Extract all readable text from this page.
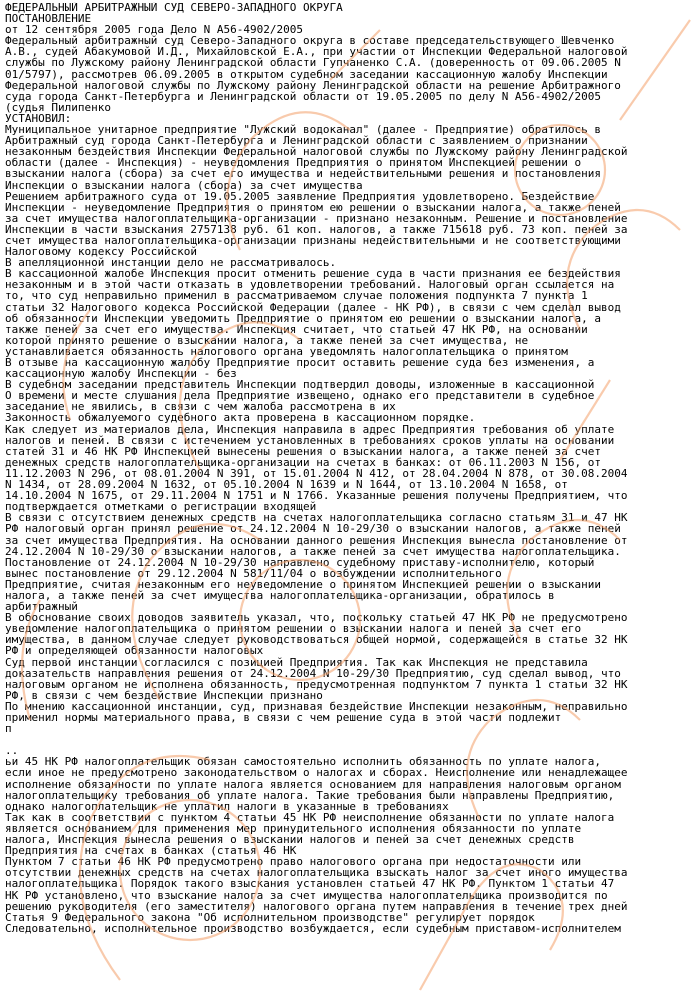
ФЕДЕРАЛЬНЫЙ АРБИТРАЖНЫЙ СУД СЕВЕРО-ЗАПАДНОГО ОКРУГА
ПОСТАНОВЛЕНИЕ
от 12 сентября 2005 года Дело N А56-4902/2005
Федеральный арбитражный суд Северо-Западного округа в составе председательствующего Шевченко
А.В., судей Абакумовой И.Д., Михайловской Е.А., при участии от Инспекции Федеральной налоговой
службы по Лужскому району Ленинградской области Гупчаненко С.А. (доверенность от 09.06.2005 N
01/5797), рассмотрев 06.09.2005 в открытом судебном заседании кассационную жалобу Инспекции
Федеральной налоговой службы по Лужскому району Ленинградской области на решение Арбитражного
суда города Санкт-Петербурга и Ленинградской области от 19.05.2005 по делу N А56-4902/2005
(судья Пилипенко
УСТАНОВИЛ:
Муниципальное унитарное предприятие "Лужский водоканал" (далее - Предприятие) обратилось в
Арбитражный суд города Санкт-Петербурга и Ленинградской области с заявлением о признании
незаконным бездействия Инспекции Федеральной налоговой службы по Лужскому району Ленинградской
области (далее - Инспекция) - неуведомления Предприятия о принятом Инспекцией решении о
взыскании налога (сбора) за счет его имущества и недействительными решения и постановления
Инспекции о взыскании налога (сбора) за счет имущества
Решением арбитражного суда от 19.05.2005 заявление Предприятия удовлетворено. Бездействие
Инспекции - неуведомление Предприятия о принятом ею решении о взыскании налога, а также пеней
за счет имущества налогоплательщика-организации - признано незаконным. Решение и постановление
Инспекции в части взыскания 2757138 руб. 61 коп. налогов, а также 715618 руб. 73 коп. пеней за
счет имущества налогоплательщика-организации признаны недействительными и не соответствующими
Налоговому кодексу Российской
В апелляционной инстанции дело не рассматривалось.
В кассационной жалобе Инспекция просит отменить решение суда в части признания ее бездействия
незаконным и в этой части отказать в удовлетворении требований. Налоговый орган ссылается на
то, что суд неправильно применил в рассматриваемом случае положения подпункта 7 пункта 1
статьи 32 Налогового кодекса Российской Федерации (далее - НК РФ), в связи с чем сделал вывод
об обязанности Инспекции уведомить Предприятие о принятом ею решении о взыскании налога, а
также пеней за счет его имущества. Инспекция считает, что статьей 47 НК РФ, на основании
которой принято решение о взыскании налога, а также пеней за счет имущества, не
устанавливается обязанность налогового органа уведомлять налогоплательщика о принятом
В отзыве на кассационную жалобу Предприятие просит оставить решение суда без изменения, а
кассационную жалобу Инспекции - без
В судебном заседании представитель Инспекции подтвердил доводы, изложенные в кассационной
О времени и месте слушания дела Предприятие извещено, однако его представители в судебное
заседание не явились, в связи с чем жалоба рассмотрена в их
Законность обжалуемого судебного акта проверена в кассационном порядке.
Как следует из материалов дела, Инспекция направила в адрес Предприятия требования об уплате
налогов и пеней. В связи с истечением установленных в требованиях сроков уплаты на основании
статей 31 и 46 НК РФ Инспекцией вынесены решения о взыскании налога, а также пеней за счет
денежных средств налогоплательщика-организации на счетах в банках: от 06.11.2003 N 156, от
11.12.2003 N 296, от 08.01.2004 N 391, от 15.01.2004 N 412, от 28.04.2004 N 878, от 30.08.2004
N 1434, от 28.09.2004 N 1632, от 05.10.2004 N 1639 и N 1644, от 13.10.2004 N 1658, от
14.10.2004 N 1675, от 29.11.2004 N 1751 и N 1766. Указанные решения получены Предприятием, что
подтверждается отметками о регистрации входящей
В связи с отсутствием денежных средств на счетах налогоплательщика согласно статьям 31 и 47 НК
РФ налоговый орган принял решение от 24.12.2004 N 10-29/30 о взыскании налогов, а также пеней
за счет имущества Предприятия. На основании данного решения Инспекция вынесла постановление от
24.12.2004 N 10-29/30 о взыскании налогов, а также пеней за счет имущества налогоплательщика.
Постановление от 24.12.2004 N 10-29/30 направлено судебному приставу-исполнителю, который
вынес постановление от 29.12.2004 N 581/11/04 о возбуждении исполнительного
Предприятие, считая незаконным его неуведомление о принятом Инспекцией решении о взыскании
налога, а также пеней за счет имущества налогоплательщика-организации, обратилось в
арбитражный
В обоснование своих доводов заявитель указал, что, поскольку статьей 47 НК РФ не предусмотрено
уведомление налогоплательщика о принятом решении о взыскании налога и пеней за счет его
имущества, в данном случае следует руководствоваться общей нормой, содержащейся в статье 32 НК
РФ и определяющей обязанности налоговых
Суд первой инстанции согласился с позицией Предприятия. Так как Инспекция не представила
доказательств направления решения от 24.12.2004 N 10-29/30 Предприятию, суд сделал вывод, что
налоговым органом не исполнена обязанность, предусмотренная подпунктом 7 пункта 1 статьи 32 НК
РФ, в связи с чем бездействие Инспекции признано
По мнению кассационной инстанции, суд, признавая бездействие Инспекции незаконным, неправильно
применил нормы материального права, в связи с чем решение суда в этой части подлежит
п

..
ьи 45 НК РФ налогоплательщик обязан самостоятельно исполнить обязанность по уплате налога,
если иное не предусмотрено законодательством о налогах и сборах. Неисполнение или ненадлежащее
исполнение обязанности по уплате налога является основанием для направления налоговым органом
налогоплательщику требования об уплате налога. Такие требования были направлены Предприятию,
однако налогоплательщик не уплатил налоги в указанные в требованиях
Так как в соответствии с пунктом 4 статьи 45 НК РФ неисполнение обязанности по уплате налога
является основанием для применения мер принудительного исполнения обязанности по уплате
налога, Инспекция вынесла решения о взыскании налогов и пеней за счет денежных средств
Предприятия на счетах в банках (статья 46 НК
Пунктом 7 статьи 46 НК РФ предусмотрено право налогового органа при недостаточности или
отсутствии денежных средств на счетах налогоплательщика взыскать налог за счет иного имущества
налогоплательщика. Порядок такого взыскания установлен статьей 47 НК РФ. Пунктом 1 статьи 47
НК РФ установлено, что взыскание налога за счет имущества налогоплательщика производится по
решению руководителя (его заместителя) налогового органа путем направления в течение трех дней
Статья 9 Федерального закона "Об исполнительном производстве" регулирует порядок
Следовательно, исполнительное производство возбуждается, если судебным приставом-исполнителем
